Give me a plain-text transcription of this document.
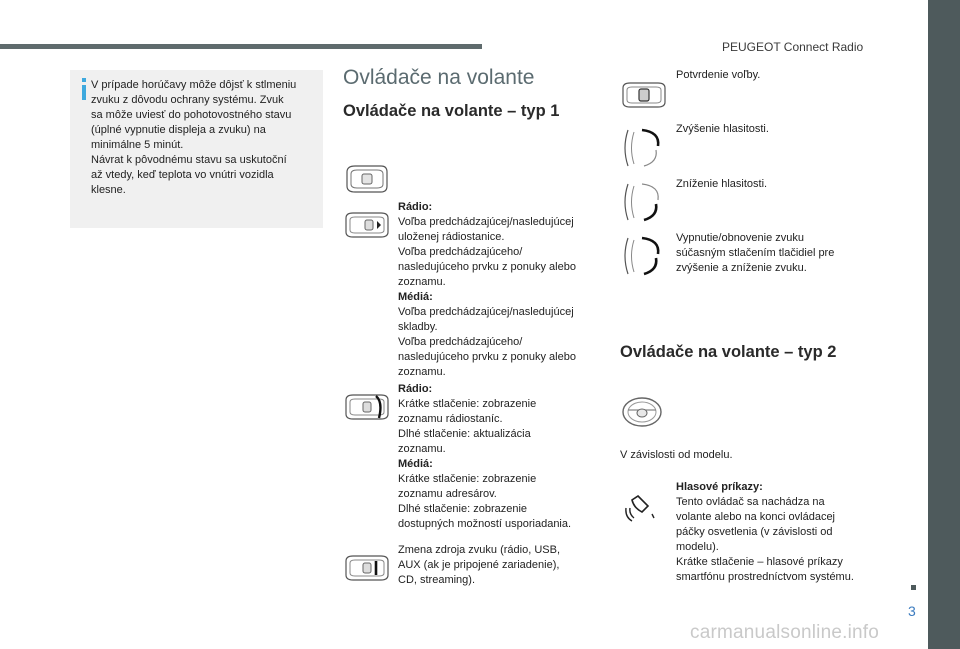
PEUGEOT Connect Radio
3
carmanualsonline.info

V prípade horúčavy môže dôjsť k stlmeniu
zvuku z dôvodu ochrany systému. Zvuk
sa môže uviesť do pohotovostného stavu
(úplné vypnutie displeja a zvuku) na
minimálne 5 minút.
Návrat k pôvodnému stavu sa uskutoční
až vtedy, keď teplota vo vnútri vozidla
klesne.

Ovládače na volante
Ovládače na volante – typ 1
Rádio:
Voľba predchádzajúcej/nasledujúcej
uloženej rádiostanice.
Voľba predchádzajúceho/
nasledujúceho prvku z ponuky alebo
zoznamu.
Médiá:
Voľba predchádzajúcej/nasledujúcej
skladby.
Voľba predchádzajúceho/
nasledujúceho prvku z ponuky alebo
zoznamu.
Rádio:
Krátke stlačenie: zobrazenie
zoznamu rádiostaníc.
Dlhé stlačenie: aktualizácia
zoznamu.
Médiá:
Krátke stlačenie: zobrazenie
zoznamu adresárov.
Dlhé stlačenie: zobrazenie
dostupných možností usporiadania.
Zmena zdroja zvuku (rádio, USB,
AUX (ak je pripojené zariadenie),
CD, streaming).
Potvrdenie voľby.
Zvýšenie hlasitosti.
Zníženie hlasitosti.
Vypnutie/obnovenie zvuku
súčasným stlačením tlačidiel pre
zvýšenie a zníženie zvuku.
Ovládače na volante – typ 2
V závislosti od modelu.
Hlasové príkazy:
Tento ovládač sa nachádza na
volante alebo na konci ovládacej
páčky osvetlenia (v závislosti od
modelu).
Krátke stlačenie – hlasové príkazy
smartfónu prostredníctvom systému.
